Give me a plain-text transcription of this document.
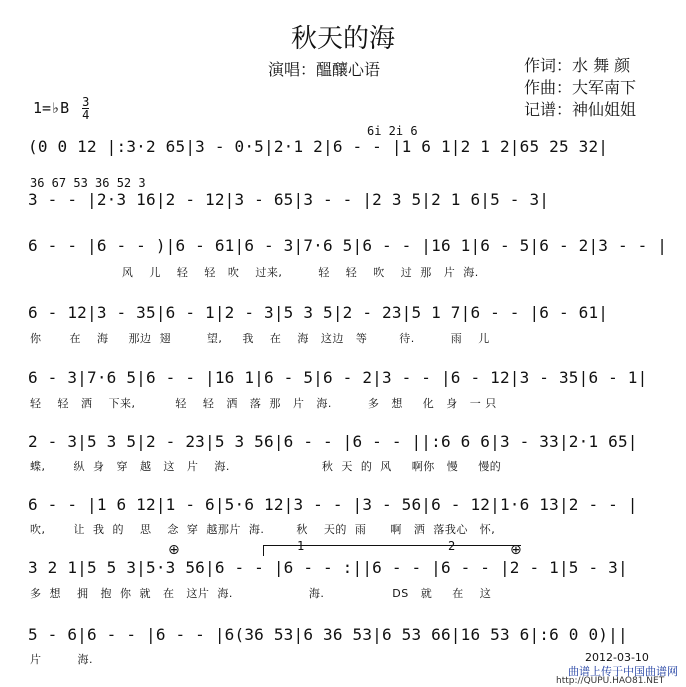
秋天的海
演唱：醞釀心语	作词：水 舞 颜
作曲：大军南下
记谱：神仙姐姐
1=♭B $\frac{3}{4}$
6i 2i 6
(0 0 12 |:3·2 65|3 - 0·5|2·1 2|6 - - |1 6 1|2 1 2|65 25 32|
36 67 53 36 52 3
3 - - |2·3 16|2 - 12|3 - 65|3 - - |2 3 5|2 1 6|5 - 3|
6 - - |6 - - )|6 - 61|6 - 3|7·6 5|6 - - |16 1|6 - 5|6 - 2|3 - - |
风    儿    轻    轻   吹    过来,         轻    轻    吹    过  那   片  海.
6 - 12|3 - 35|6 - 1|2 - 3|5 3 5|2 - 23|5 1 7|6 - - |6 - 61|
你       在    海     那边  翅         望,     我    在    海   这边   等        待.         雨    儿
6 - 3|7·6 5|6 - - |16 1|6 - 5|6 - 2|3 - - |6 - 12|3 - 35|6 - 1|
轻    轻   洒    下来,          轻    轻   洒   落  那   片   海.         多   想     化   身   一 只
2 - 3|5 3 5|2 - 23|5 3 56|6 - - |6 - - ||:6 6 6|3 - 33|2·1 65|
蝶,       纵  身   穿   越   这   片    海.                       秋  天  的  风     啊你   慢     慢的
6 - - |1 6 12|1 - 6|5·6 12|3 - - |3 - 56|6 - 12|1·6 13|2 - - |
吹,       让  我  的    思    念  穿  越那片  海.        秋    天的  雨      啊   洒  落我心   怀,
1	2
⊕	⊕
3 2 1|5 5 3|5·3 56|6 - - |6 - - :||6 - - |6 - - |2 - 1|5 - 3|
多  想    拥   抱  你  就   在   这片  海.                   海.                 DS   就     在    这
5 - 6|6 - - |6 - - |6(36 53|6 36 53|6 53 66|16 53 6|:6 0 0)||
片         海.	2012-03-10
曲谱上传于中国曲谱网
http://QUPU.HAO81.NET
